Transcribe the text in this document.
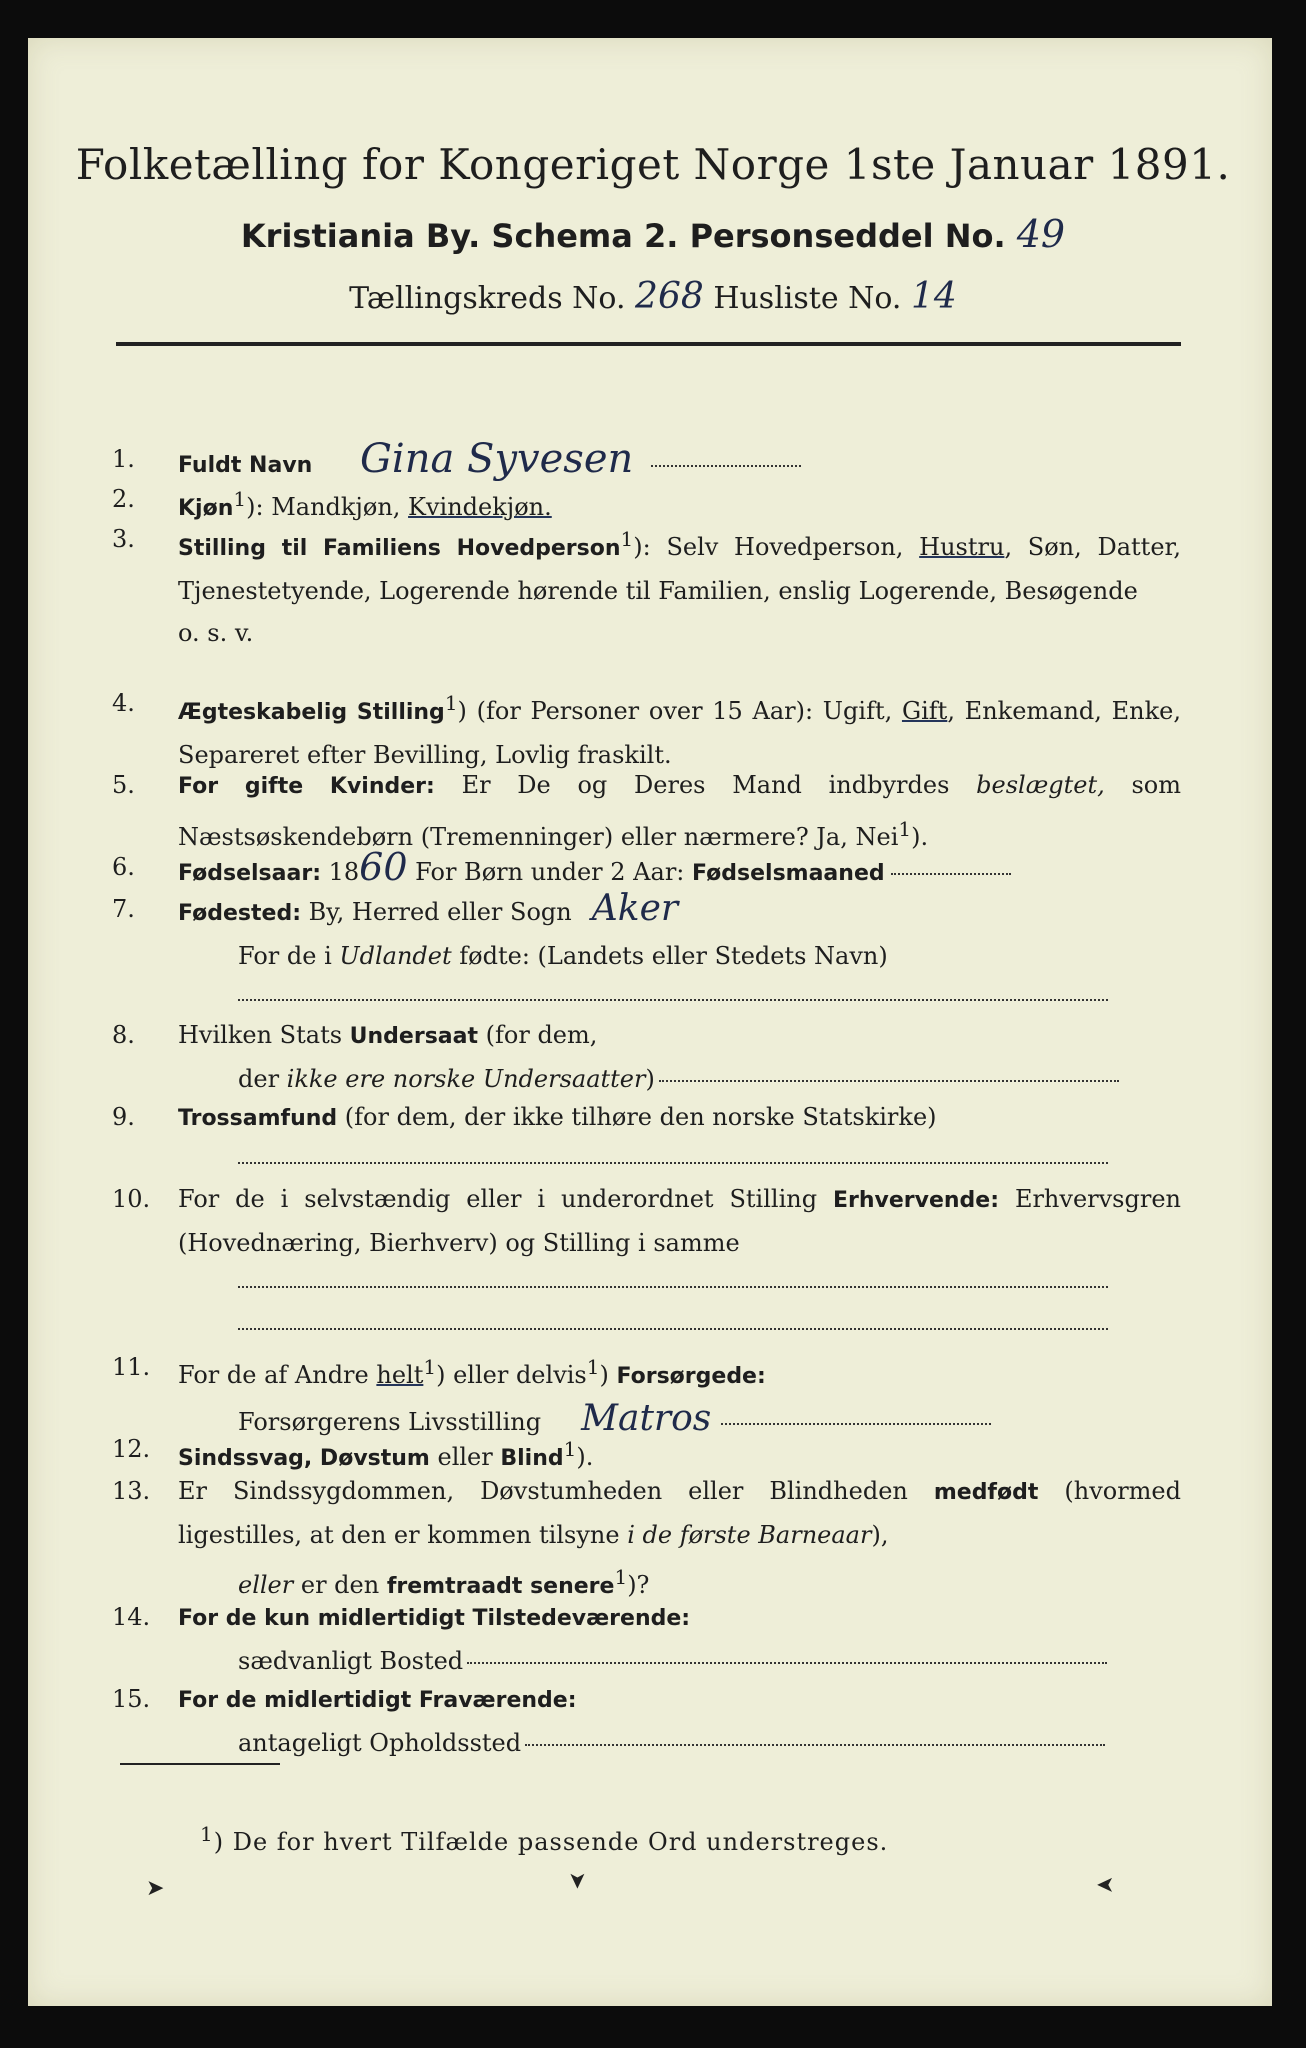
Folketælling for Kongeriget Norge 1ste Januar 1891.
Kristiania By. Schema 2. Personseddel No. 49
Tællingskreds No. 268 Husliste No. 14
1.	Fuldt Navn Gina Syvesen
2.	Kjøn$^1$): Mandkjøn, Kvindekjøn.
3.	Stilling til Familiens Hovedperson$^1$): Selv Hovedperson, Hustru, Søn, Datter, Tjenestetyende, Logerende hørende til Familien, enslig Logerende, Besøgende
o. s. v.
4.	Ægteskabelig Stilling$^1$) (for Personer over 15 Aar): Ugift, Gift, Enkemand, Enke, Separeret efter Bevilling, Lovlig fraskilt.
5.	For gifte Kvinder: Er De og Deres Mand indbyrdes beslægtet, som Næstsøskendebørn (Tremenninger) eller nærmere? Ja, Nei$^1$).
6.	Fødselsaar: 1860 For Børn under 2 Aar: Fødselsmaaned
7.	Fødested: By, Herred eller Sogn Aker
For de i Udlandet fødte: (Landets eller Stedets Navn)

8.	Hvilken Stats Undersaat (for dem,
der ikke ere norske Undersaatter)
9.	Trossamfund (for dem, der ikke tilhøre den norske Statskirke)

10.	For de i selvstændig eller i underordnet Stilling Erhvervende: Erhvervsgren (Hovednæring, Bierhverv) og Stilling i samme

11.	For de af Andre helt$^1$) eller delvis$^1$) Forsørgede:
Forsørgerens Livsstilling Matros
12.	Sindssvag, Døvstum eller Blind$^1$).
13.	Er Sindssygdommen, Døvstumheden eller Blindheden medfødt (hvormed ligestilles, at den er kommen tilsyne i de første Barneaar),
eller er den fremtraadt senere$^1$)?
14.	For de kun midlertidigt Tilstedeværende:
sædvanligt Bosted
15.	For de midlertidigt Fraværende:
antageligt Opholdssted
$^1$) De for hvert Tilfælde passende Ord understreges.
➤	➤	➤
